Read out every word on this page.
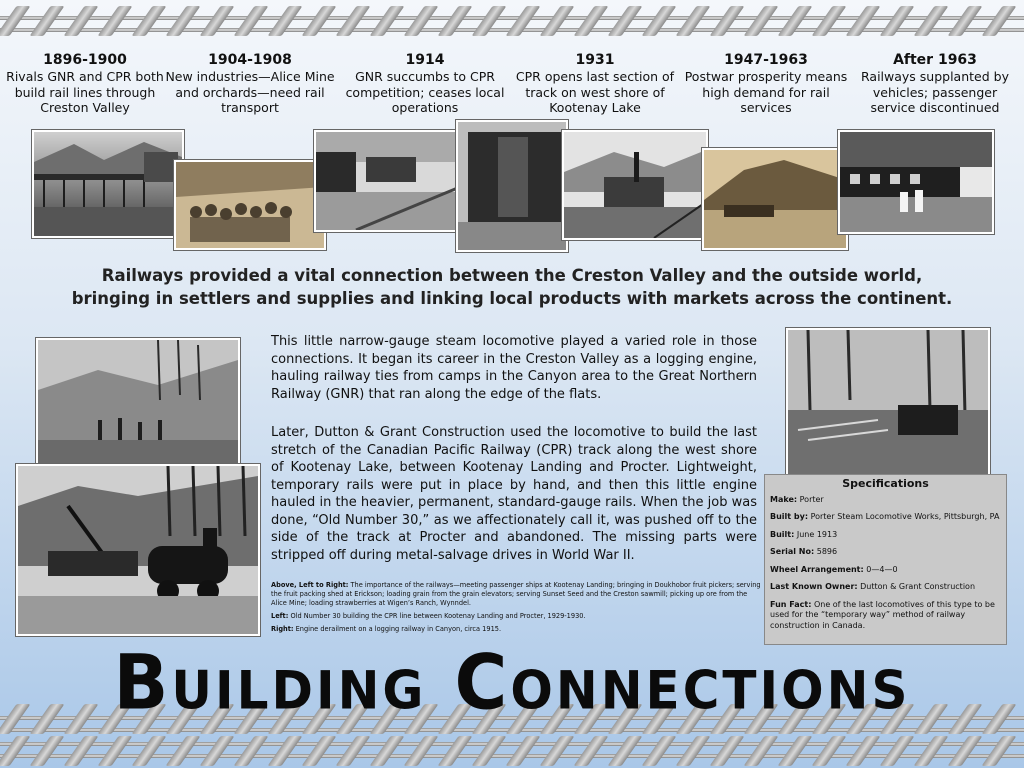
1896-1900
Rivals GNR and CPR both build rail lines through Creston Valley
1904-1908
New industries—Alice Mine and orchards—need rail transport
1914
GNR succumbs to CPR competition; ceases local operations
1931
CPR opens last section of track on west shore of Kootenay Lake
1947-1963
Postwar prosperity means high demand for rail services
After 1963
Railways supplanted by vehicles; passenger service discontinued
Railways provided a vital connection between the Creston Valley and the outside world, bringing in settlers and supplies and linking local products with markets across the continent.
This little narrow-gauge steam locomotive played a varied role in those connections. It began its career in the Creston Valley as a logging engine, hauling railway ties from camps in the Canyon area to the Great Northern Railway (GNR) that ran along the edge of the flats.
Later, Dutton & Grant Construction used the locomotive to build the last stretch of the Canadian Pacific Railway (CPR) track along the west shore of Kootenay Lake, between Kootenay Landing and Procter. Lightweight, temporary rails were put in place by hand, and then this little engine hauled in the heavier, permanent, standard-gauge rails. When the job was done, “Old Number 30,” as we affectionately call it, was pushed off to the side of the track at Procter and abandoned. The missing parts were stripped off during metal-salvage drives in World War II.

Above, Left to Right: The importance of the railways—meeting passenger ships at Kootenay Landing; bringing in Doukhobor fruit pickers; serving the fruit packing shed at Erickson; loading grain from the grain elevators; serving Sunset Seed and the Creston sawmill; picking up ore from the Alice Mine; loading strawberries at Wigen’s Ranch, Wynndel.

Left: Old Number 30 building the CPR line between Kootenay Landing and Procter, 1929-1930.

Right: Engine derailment on a logging railway in Canyon, circa 1915.

Specifications
Make: Porter
Built by: Porter Steam Locomotive Works, Pittsburgh, PA
Built: June 1913
Serial No: 5896
Wheel Arrangement: 0—4—0
Last Known Owner: Dutton & Grant Construction
Fun Fact: One of the last locomotives of this type to be used for the “temporary way” method of railway construction in Canada.
Building Connections
